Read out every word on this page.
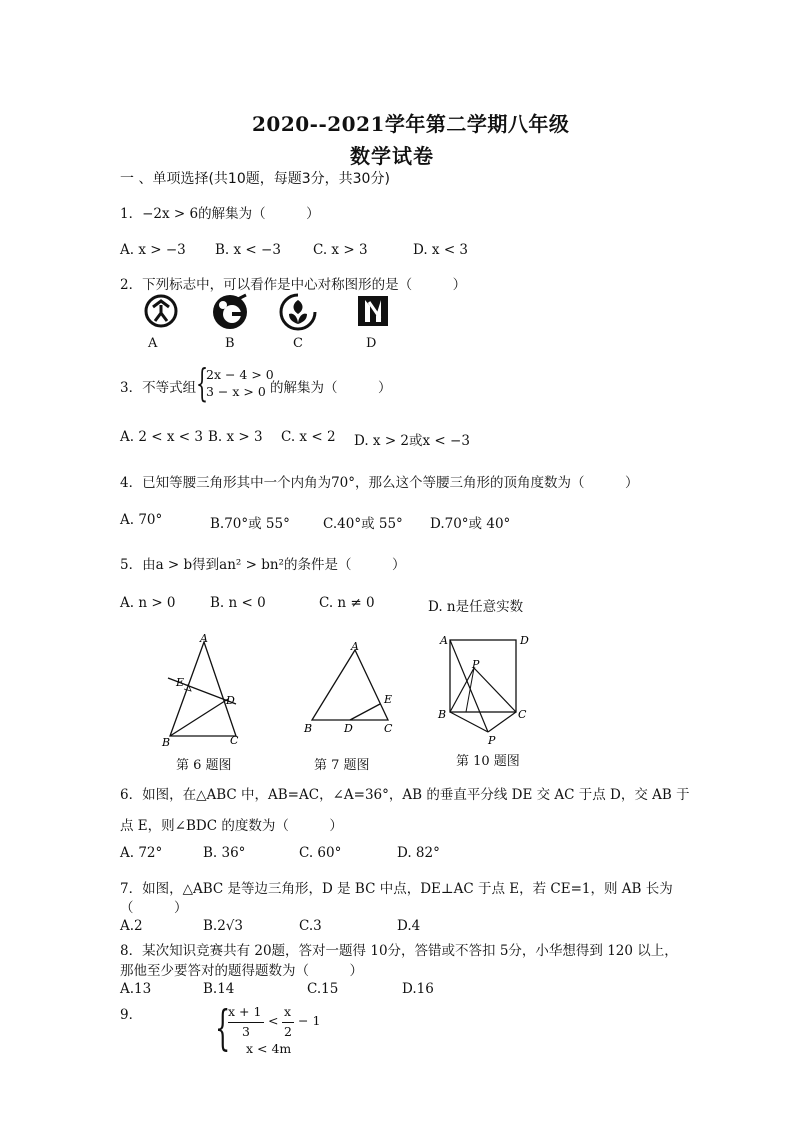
2020--2021学年第二学期八年级
数学试卷
一 、单项选择(共10题，每题3分，共30分)
1．−2x > 6的解集为（　　　）
A. x > −3 B. x < −3 C. x > 3	D. x < 3
2．下列标志中，可以看作是中心对称图形的是（　　　）
A	B	C	D
3．不等式组 {
2x − 4 > 0
3 − x > 0 的解集为（　　　）
A. 2 < x < 3 B. x > 3 C. x < 2 D. x > 2或x < −3
4．已知等腰三角形其中一个内角为70°，那么这个等腰三角形的顶角度数为（　　　）
A. 70°	B.70°或 55° C.40°或 55° D.70°或 40°
5．由a > b得到an² > bn²的条件是（　　　）
A. n > 0	B. n < 0	C. n ≠ 0	D. n是任意实数
A
E
D
B	C
第 6 题图
A
E
B	D	C
第 7 题图
A	D
P
B	C
P
第 10 题图
6．如图，在△ABC 中，AB=AC，∠A=36°，AB 的垂直平分线 DE 交 AC 于点 D，交 AB 于
点 E，则∠BDC 的度数为（　　　）
A. 72°	B. 36°	C. 60°	D. 82°
7．如图，△ABC 是等边三角形，D 是 BC 中点，DE⊥AC 于点 E，若 CE=1，则 AB 长为
（　　　）
A.2	B.2√3	C.3	D.4
8．某次知识竞赛共有 20题，答对一题得 10分，答错或不答扣 5分，小华想得到 120 以上，
那他至少要答对的题得题数为（　　　）
A.13	B.14	C.15	D.16
9． {
x + 1
3
<
x
2
− 1
x < 4m
